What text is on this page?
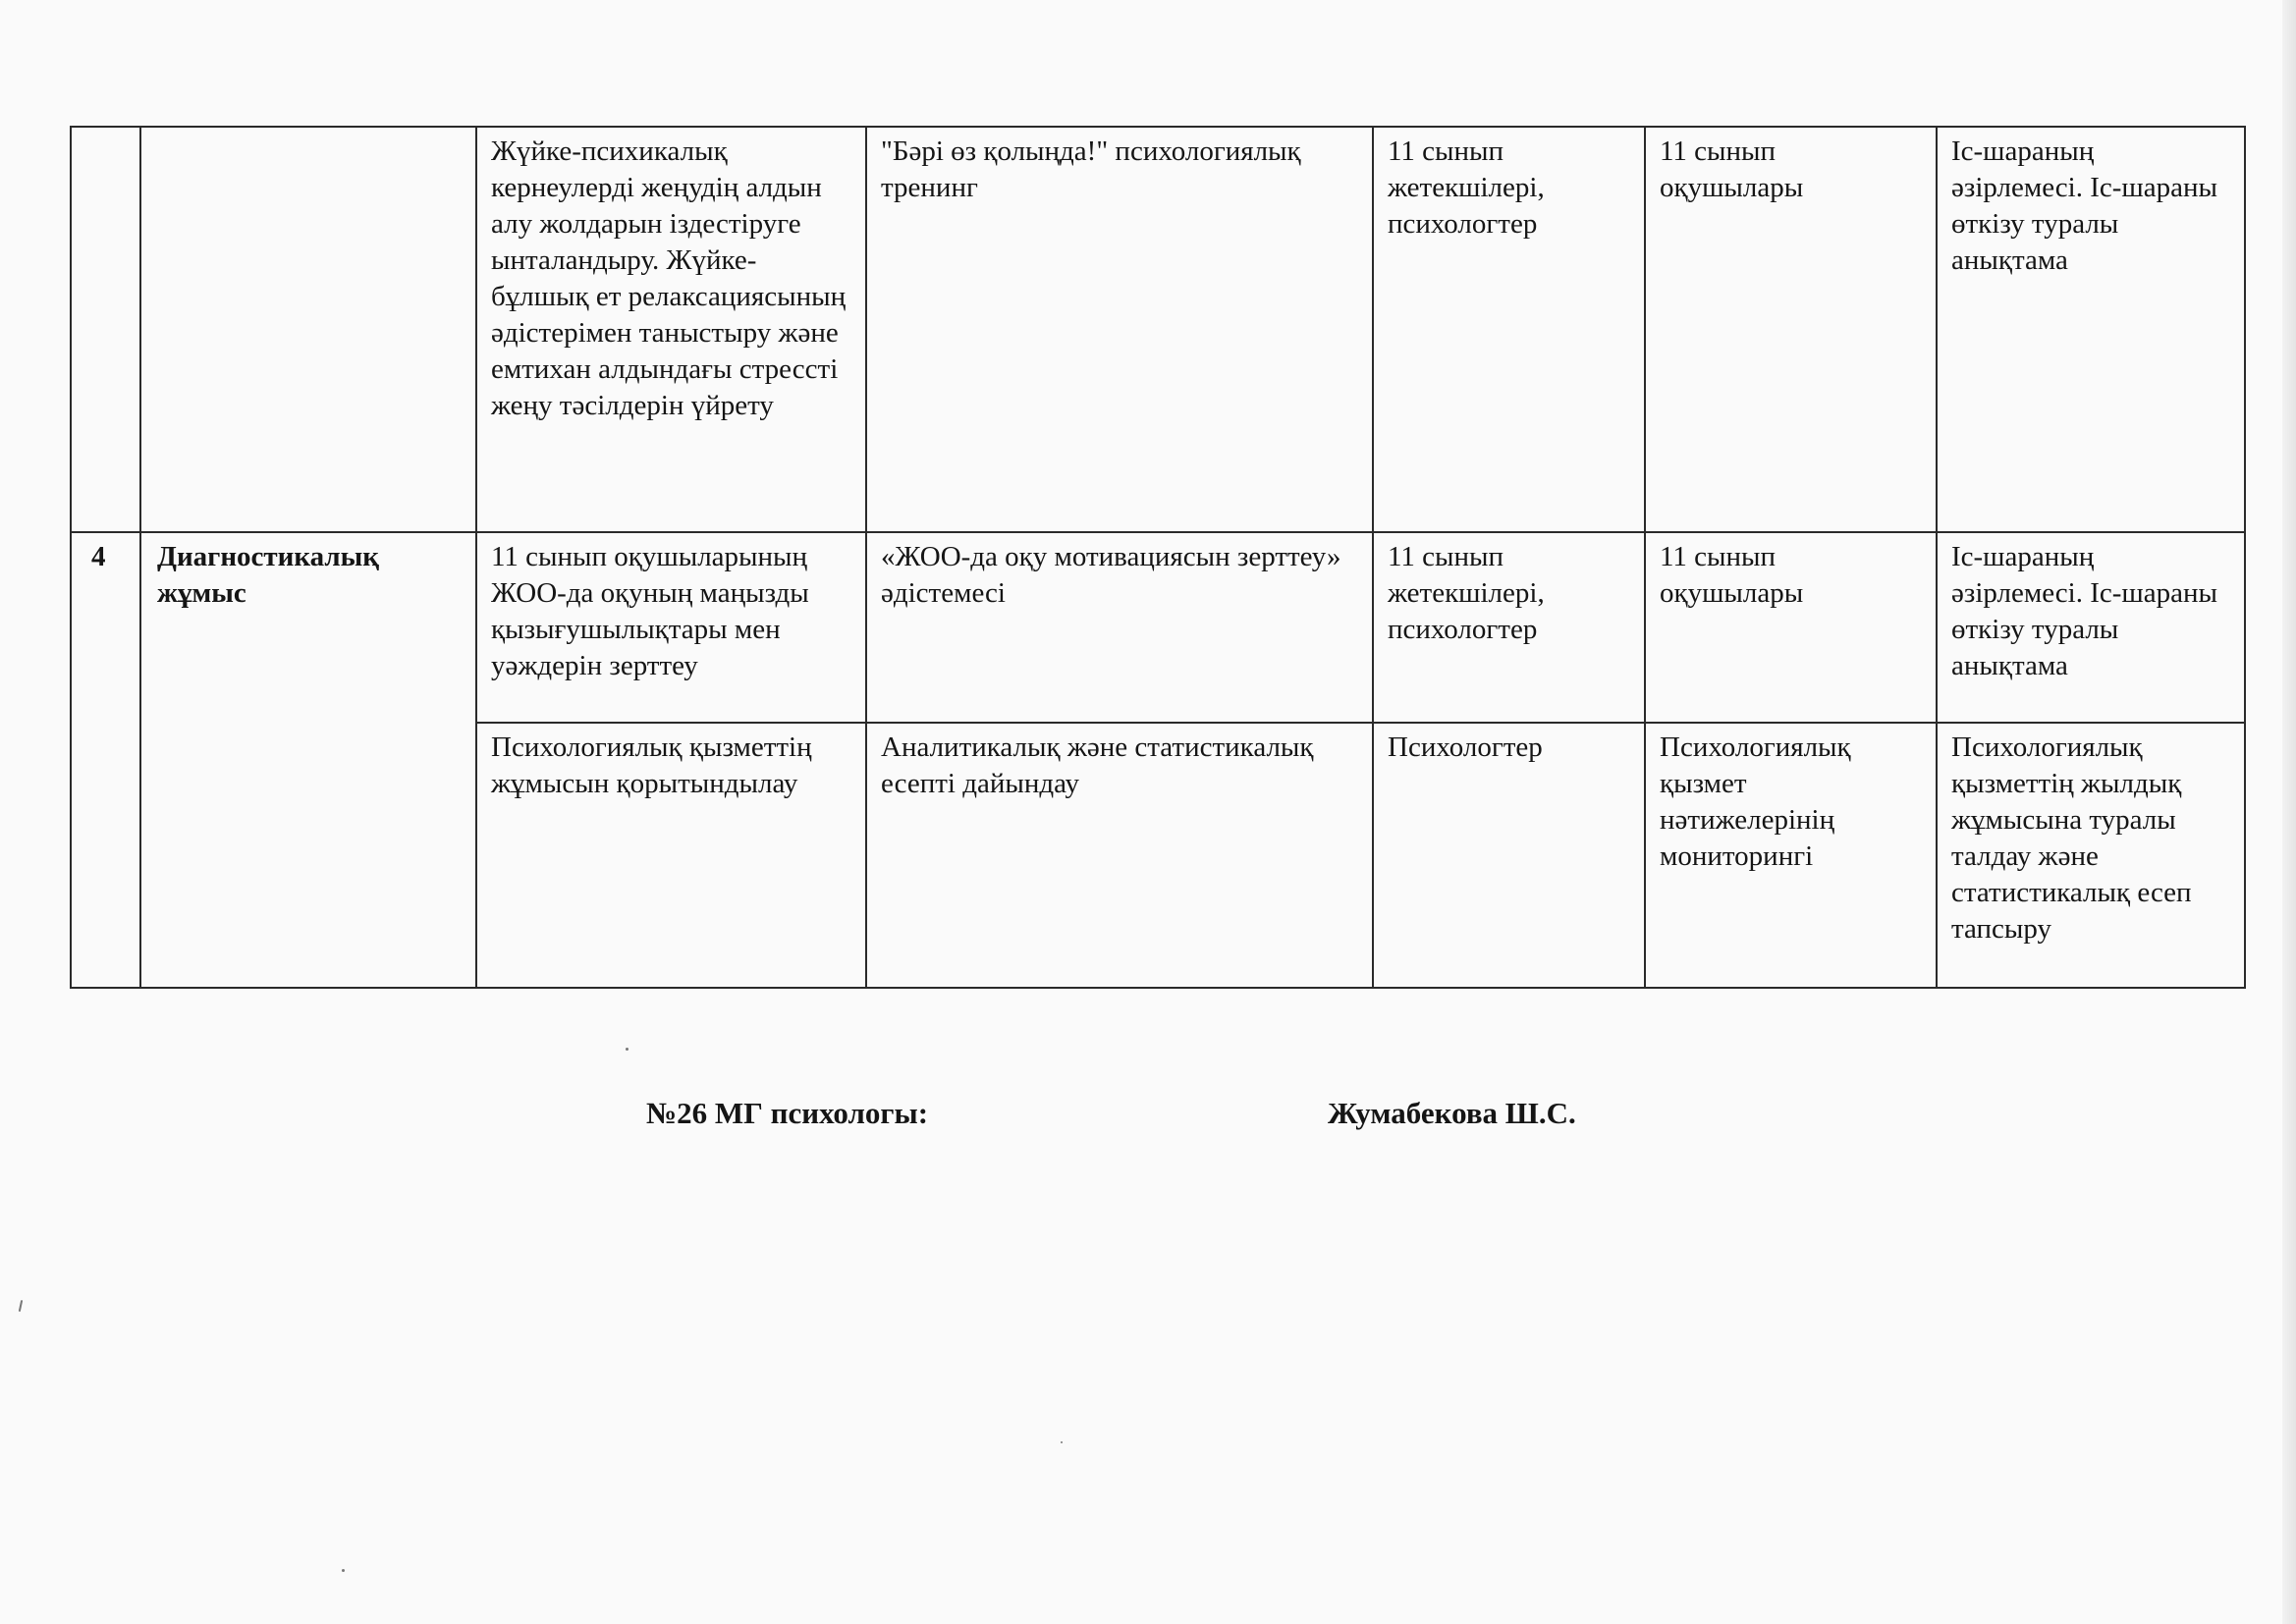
		Жүйке-психикалық кернеулерді жеңудің алдын алу жолдарын іздестіруге ынталандыру. Жүйке-бұлшық ет релаксациясының әдістерімен таныстыру және емтихан алдындағы стрессті жеңу тәсілдерін үйрету	"Бәрі өз қолыңда!" психологиялық тренинг	11 сынып жетекшілері, психологтер	11 сынып оқушылары	Іс-шараның әзірлемесі. Іс-шараны өткізу туралы анықтама
4	Диагностикалық жұмыс	11 сынып оқушыларының ЖОО-да оқуның маңызды қызығушылықтары мен уәждерін зерттеу	«ЖОО-да оқу мотивациясын зерттеу» әдістемесі	11 сынып жетекшілері, психологтер	11 сынып оқушылары	Іс-шараның әзірлемесі. Іс-шараны өткізу туралы анықтама
		Психологиялық қызметтің жұмысын қорытындылау	Аналитикалық және статистикалық есепті дайындау	Психологтер	Психологиялық қызмет нәтижелерінің мониторингі	Психологиялық қызметтің жылдық жұмысына туралы талдау және статистикалық есеп тапсыру
№26 МГ психологы:	Жумабекова Ш.С.
